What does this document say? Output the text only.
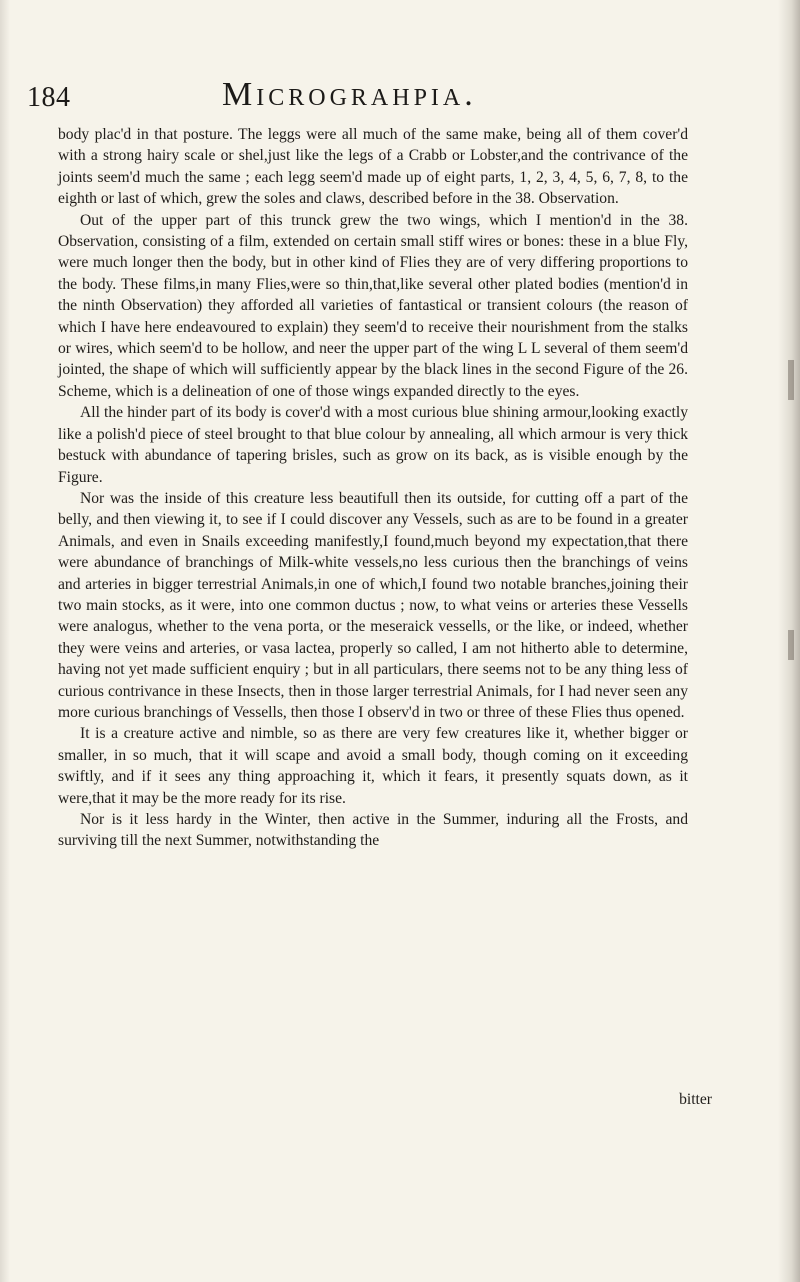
184	Micrograhpia.

body plac'd in that posture. The leggs were all much of the same make, being all of them cover'd with a strong hairy scale or shel,just like the legs of a Crabb or Lobster,and the contrivance of the joints seem'd much the same ; each legg seem'd made up of eight parts, 1, 2, 3, 4, 5, 6, 7, 8, to the eighth or last of which, grew the soles and claws, described before in the 38. Observation.

Out of the upper part of this trunck grew the two wings, which I mention'd in the 38. Observation, consisting of a film, extended on certain small stiff wires or bones: these in a blue Fly, were much longer then the body, but in other kind of Flies they are of very differing proportions to the body. These films,in many Flies,were so thin,that,like several other plated bodies (mention'd in the ninth Observation) they afforded all varieties of fantastical or transient colours (the reason of which I have here endeavoured to explain) they seem'd to receive their nourishment from the stalks or wires, which seem'd to be hollow, and neer the upper part of the wing L L several of them seem'd jointed, the shape of which will sufficiently appear by the black lines in the second Figure of the 26. Scheme, which is a delineation of one of those wings expanded directly to the eyes.

All the hinder part of its body is cover'd with a most curious blue shining armour,looking exactly like a polish'd piece of steel brought to that blue colour by annealing, all which armour is very thick bestuck with abundance of tapering brisles, such as grow on its back, as is visible enough by the Figure.

Nor was the inside of this creature less beautifull then its outside, for cutting off a part of the belly, and then viewing it, to see if I could discover any Vessels, such as are to be found in a greater Animals, and even in Snails exceeding manifestly,I found,much beyond my expectation,that there were abundance of branchings of Milk-white vessels,no less curious then the branchings of veins and arteries in bigger terrestrial Animals,in one of which,I found two notable branches,joining their two main stocks, as it were, into one common ductus ; now, to what veins or arteries these Vessells were analogus, whether to the vena porta, or the meseraick vessells, or the like, or indeed, whether they were veins and arteries, or vasa lactea, properly so called, I am not hitherto able to determine, having not yet made sufficient enquiry ; but in all particulars, there seems not to be any thing less of curious contrivance in these Insects, then in those larger terrestrial Animals, for I had never seen any more curious branchings of Vessells, then those I observ'd in two or three of these Flies thus opened.

It is a creature active and nimble, so as there are very few creatures like it, whether bigger or smaller, in so much, that it will scape and avoid a small body, though coming on it exceeding swiftly, and if it sees any thing approaching it, which it fears, it presently squats down, as it were,that it may be the more ready for its rise.

Nor is it less hardy in the Winter, then active in the Summer, induring all the Frosts, and surviving till the next Summer, notwithstanding the

bitter
